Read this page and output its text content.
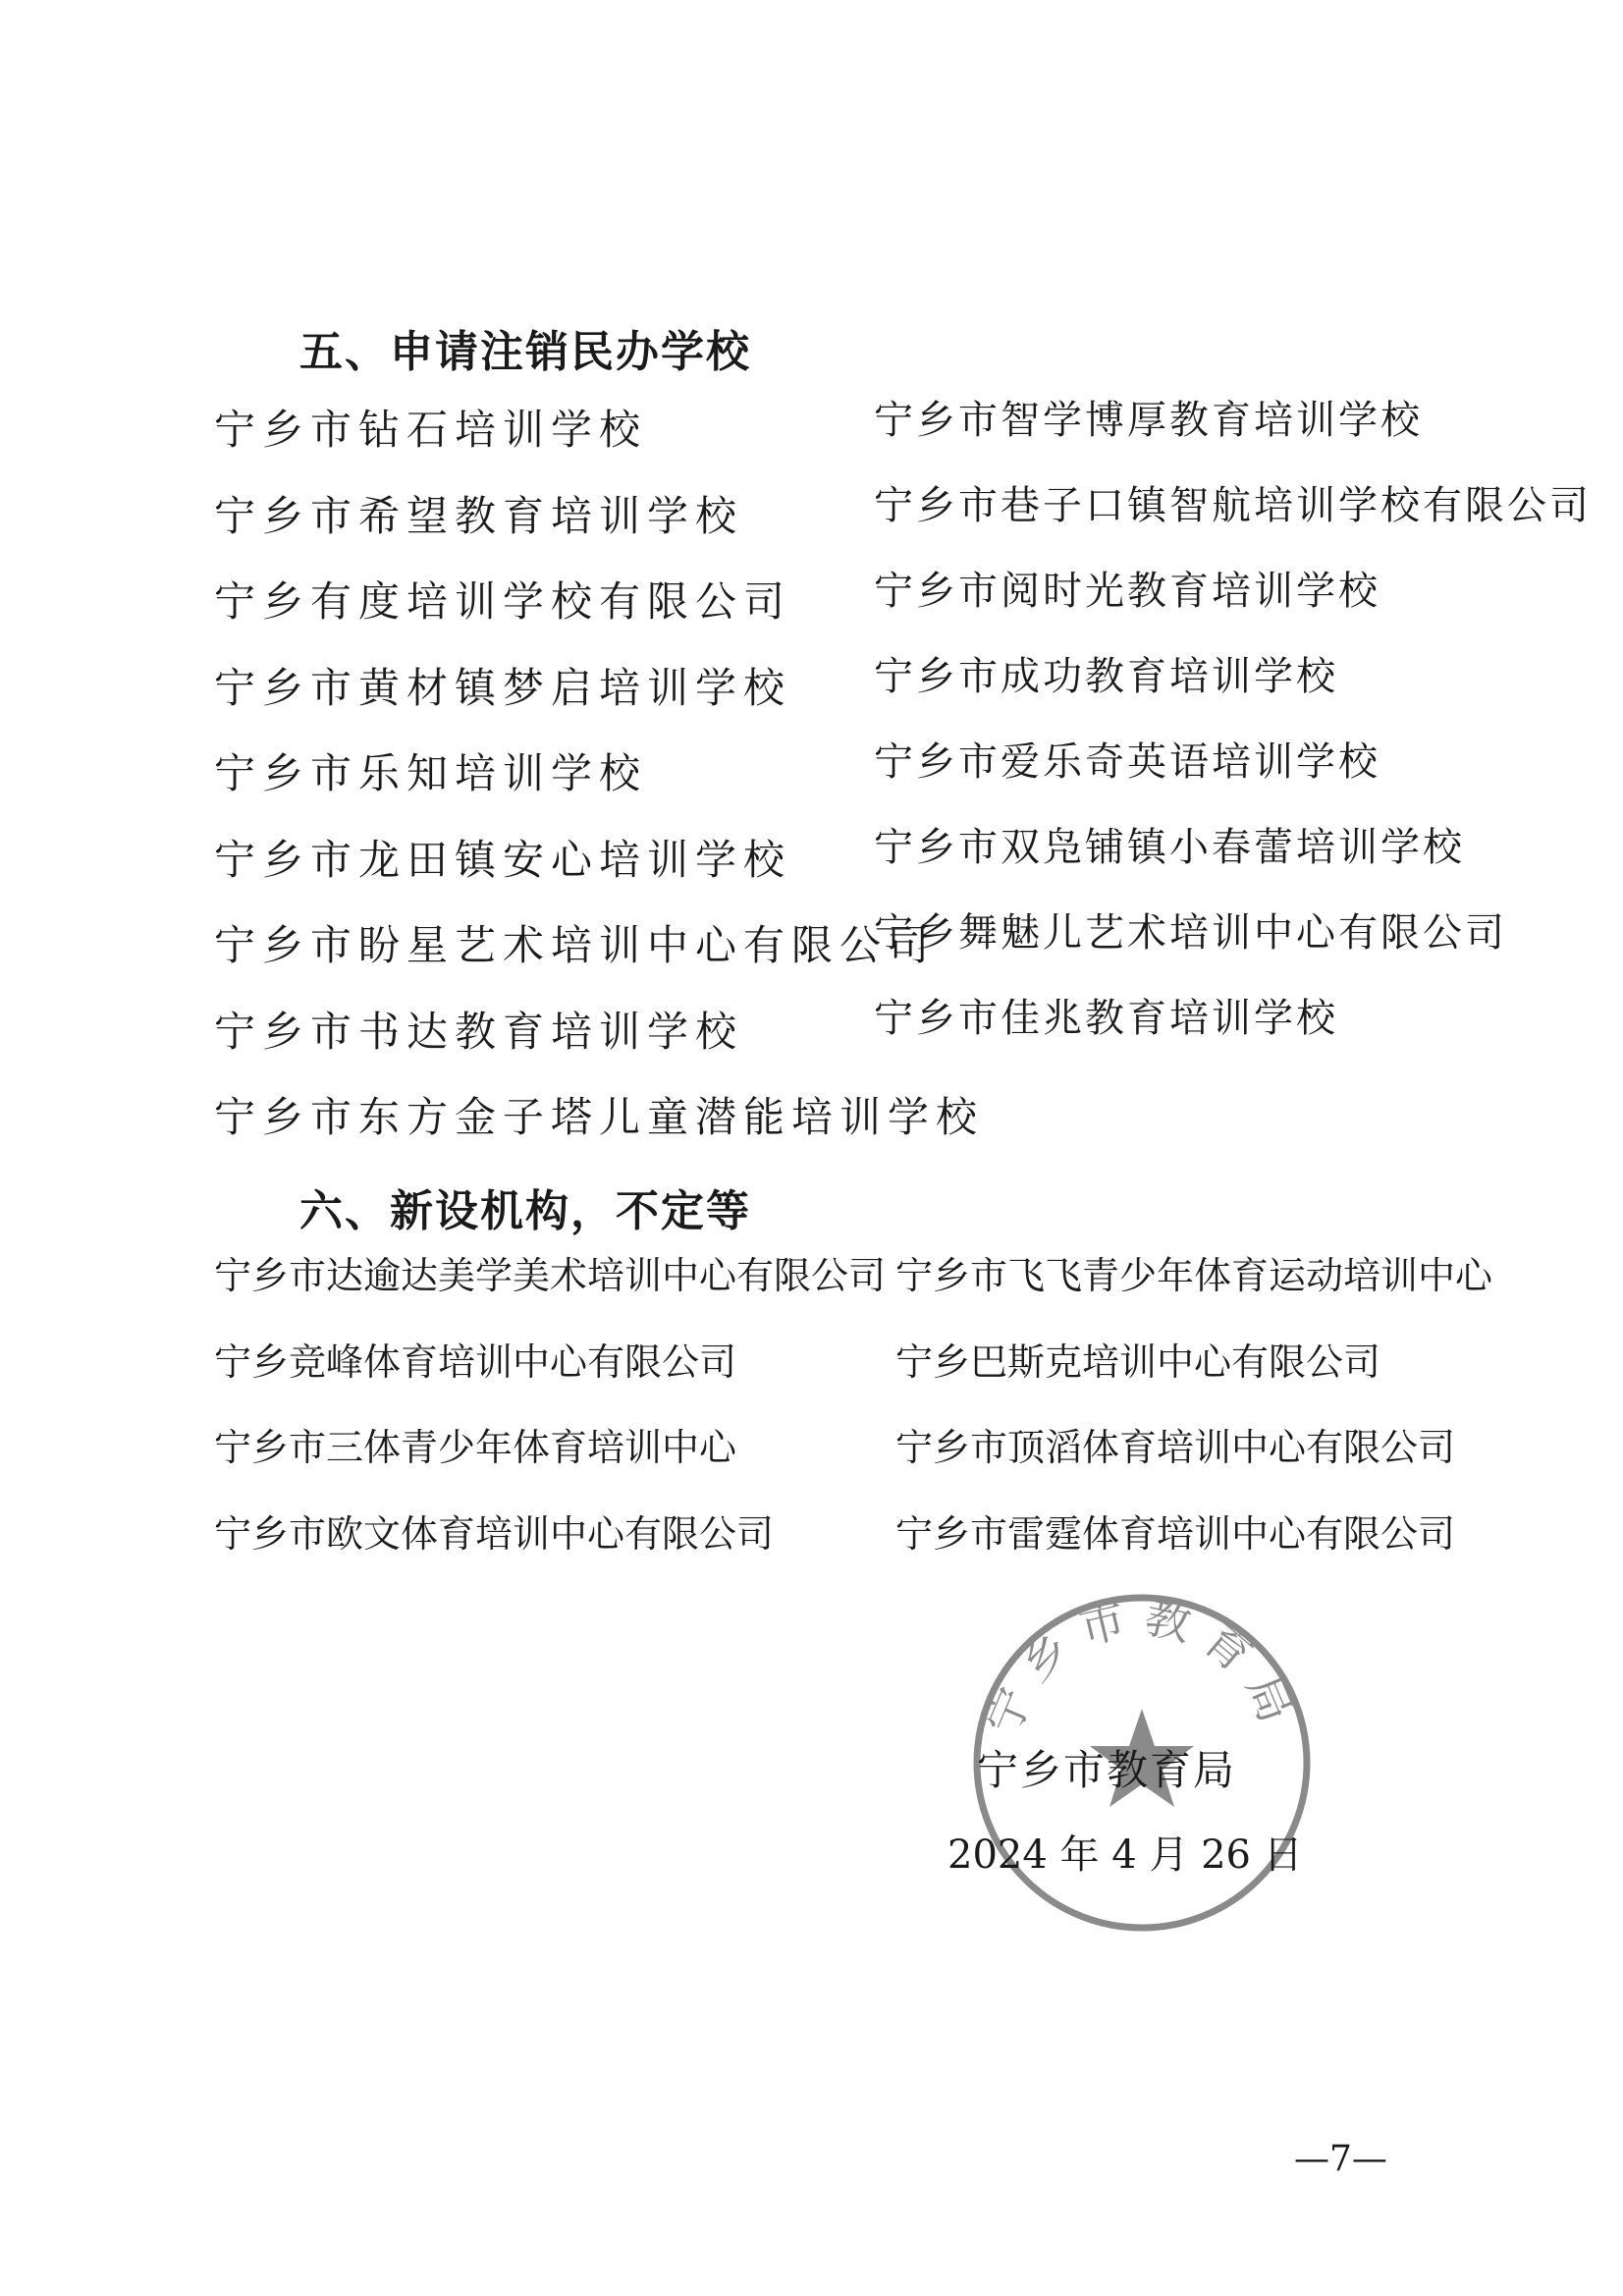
五、申请注销民办学校
宁乡市钻石培训学校
宁乡市希望教育培训学校
宁乡有度培训学校有限公司
宁乡市黄材镇梦启培训学校
宁乡市乐知培训学校
宁乡市龙田镇安心培训学校
宁乡市盼星艺术培训中心有限公司
宁乡市书达教育培训学校
宁乡市东方金子塔儿童潜能培训学校
宁乡市智学博厚教育培训学校
宁乡市巷子口镇智航培训学校有限公司
宁乡市阅时光教育培训学校
宁乡市成功教育培训学校
宁乡市爱乐奇英语培训学校
宁乡市双凫铺镇小春蕾培训学校
宁乡舞魅儿艺术培训中心有限公司
宁乡市佳兆教育培训学校
六、新设机构，不定等
宁乡市达逾达美学美术培训中心有限公司
宁乡竞峰体育培训中心有限公司
宁乡市三体青少年体育培训中心
宁乡市欧文体育培训中心有限公司
宁乡市飞飞青少年体育运动培训中心
宁乡巴斯克培训中心有限公司
宁乡市顶滔体育培训中心有限公司
宁乡市雷霆体育培训中心有限公司
宁乡市教育局
宁乡市教育局
2024 年 4 月 26 日
—7—
